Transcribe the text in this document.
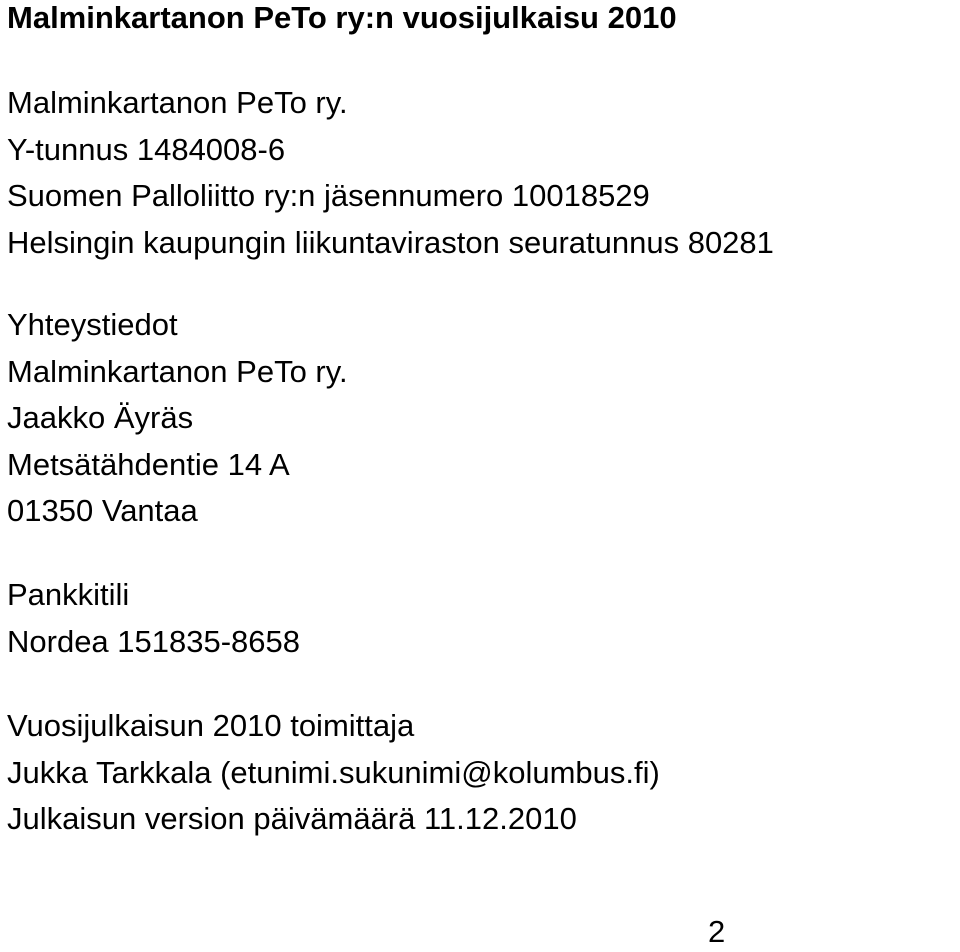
Malminkartanon PeTo ry:n vuosijulkaisu 2010
Malminkartanon PeTo ry.
Y-tunnus 1484008-6
Suomen Palloliitto ry:n jäsennumero 10018529
Helsingin kaupungin liikuntaviraston seuratunnus 80281
Yhteystiedot
Malminkartanon PeTo ry.
Jaakko Äyräs
Metsätähdentie 14 A
01350 Vantaa
Pankkitili
Nordea 151835-8658
Vuosijulkaisun 2010 toimittaja
Jukka Tarkkala (etunimi.sukunimi@kolumbus.fi)
Julkaisun version päivämäärä 11.12.2010
2
